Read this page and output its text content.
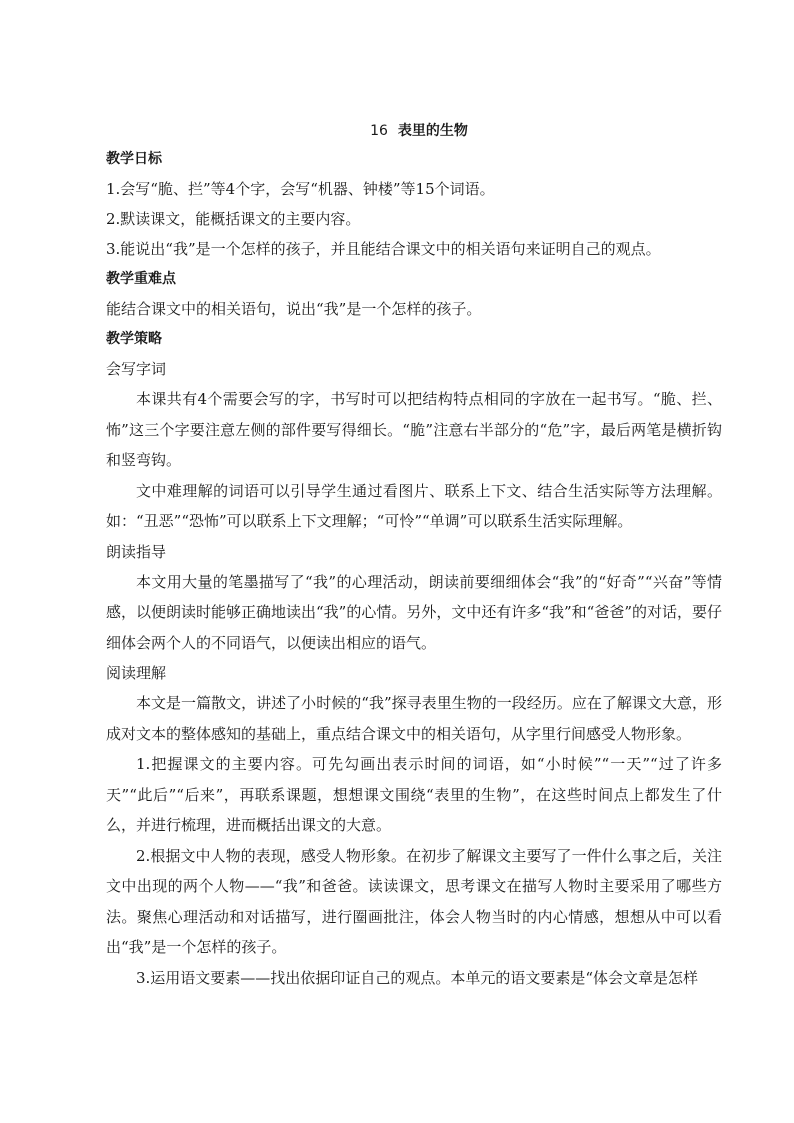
16 表里的生物

教学日标

1.会写“脆、拦”等4个字，会写“机器、钟楼”等15个词语。

2.默读课文，能概括课文的主要内容。

3.能说出“我”是一个怎样的孩子，并且能结合课文中的相关语句来证明自己的观点。

教学重难点

能结合课文中的相关语句，说出“我”是一个怎样的孩子。

教学策略

会写字词

本课共有4个需要会写的字，书写时可以把结构特点相同的字放在一起书写。“脆、拦、怖”这三个字要注意左侧的部件要写得细长。“脆”注意右半部分的“危”字，最后两笔是横折钩和竖弯钩。

文中难理解的词语可以引导学生通过看图片、联系上下文、结合生活实际等方法理解。如：“丑恶”“恐怖”可以联系上下文理解；“可怜”“单调”可以联系生活实际理解。

朗读指导

本文用大量的笔墨描写了“我”的心理活动，朗读前要细细体会“我”的“好奇”“兴奋”等情感，以便朗读时能够正确地读出“我”的心情。另外，文中还有许多“我”和“爸爸”的对话，要仔细体会两个人的不同语气，以便读出相应的语气。

阅读理解

本文是一篇散文，讲述了小时候的“我”探寻表里生物的一段经历。应在了解课文大意，形成对文本的整体感知的基础上，重点结合课文中的相关语句，从字里行间感受人物形象。

1.把握课文的主要内容。可先勾画出表示时间的词语，如“小时候”“一天”“过了许多天”“此后”“后来”，再联系课题，想想课文围绕“表里的生物”，在这些时间点上都发生了什么，并进行梳理，进而概括出课文的大意。

2.根据文中人物的表现，感受人物形象。在初步了解课文主要写了一件什么事之后，关注文中出现的两个人物——“我”和爸爸。读读课文，思考课文在描写人物时主要采用了哪些方法。聚焦心理活动和对话描写，进行圈画批注，体会人物当时的内心情感，想想从中可以看出“我”是一个怎样的孩子。

3.运用语文要素——找出依据印证自己的观点。本单元的语文要素是“体会文章是怎样
